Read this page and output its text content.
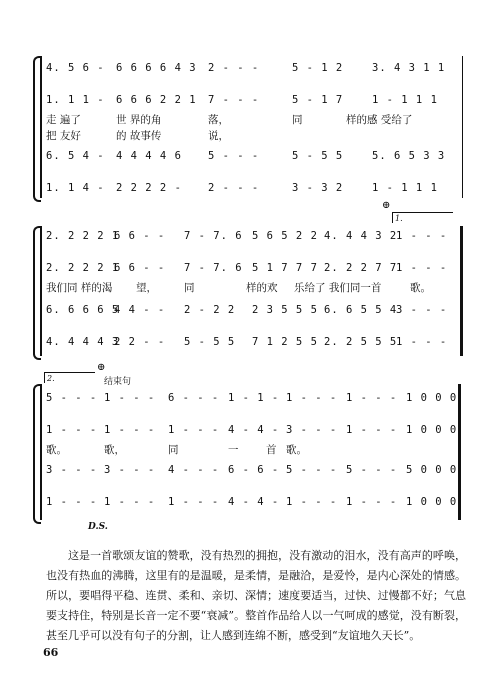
4. 5 6 - 6 6 6 6 4 3 2 - - -	5 - 1 2	3. 4 3 1 1
1. 1 1 - 6 6 6 2 2 1 7 - - -	5 - 1 7	1 - 1 1 1
走 遍了	世 界的角	落，	同	样的感 受给了
把 友好	的 故事传	说，
6. 5 4 - 4 4 4 4 6 5 - - -	5 - 5 5	5. 6 5 3 3
1. 1 4 - 2 2 2 2 - 2 - - -	3 - 3 2	1 - 1 1 1
⊕
1.
2. 2 2 2 1
6 6 - - 7 - 7. 6 5 6 5 2 2 4. 4 4 3 2
1 - - -
2. 2 2 2 1
6 6 - - 7 - 7. 6 5 1 7 7 7 2. 2 2 7 7
1 - - -
我们同 样的渴 望，	同	样的欢 乐给了 我们同一首	歌。
6. 6 6 6 5
4 4 - - 2 - 2 2 2 3 5 5 5 6. 6 5 5 4
3 - - -
4. 4 4 4 3
2 2 - - 5 - 5 5 7 1 2 5 5 2. 2 5 5 5
1 - - -
⊕
2.	结束句
5 - - - 1 - - - 6 - - - 1 - 1 - 1 - - - 1 - - - 1 0 0 0
1 - - - 1 - - - 1 - - - 4 - 4 - 3 - - - 1 - - - 1 0 0 0
歌。	歌，	同	一	首 歌。
3 - - - 3 - - - 4 - - - 6 - 6 - 5 - - - 5 - - - 5 0 0 0
1 - - - 1 - - - 1 - - - 4 - 4 - 1 - - - 1 - - - 1 0 0 0
D.S.

这是一首歌颂友谊的赞歌，没有热烈的拥抱，没有激动的泪水，没有高声的呼唤，也没有热血的沸腾，这里有的是温暖，是柔情，是融洽，是爱怜，是内心深处的情感。所以，要唱得平稳、连贯、柔和、亲切、深情；速度要适当，过快、过慢都不好；气息要支持住，特别是长音一定不要“衰减”。整首作品给人以一气呵成的感觉，没有断裂，甚至几乎可以没有句子的分割，让人感到连绵不断，感受到“友谊地久天长”。

66
